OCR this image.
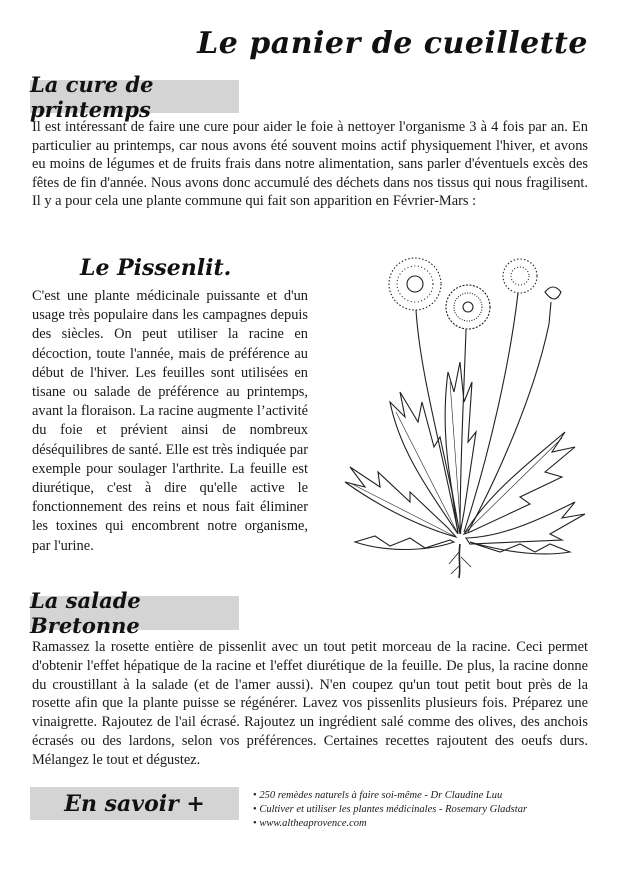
Le panier de cueillette
La cure de printemps

Il est intéressant de faire une cure pour aider le foie à nettoyer l'organisme 3 à 4 fois par an. En particulier au printemps, car nous avons été souvent moins actif physiquement l'hiver, et avons eu moins de légumes et de fruits frais dans notre alimentation, sans parler d'éventuels excès des fêtes de fin d'année. Nous avons donc accumulé des déchets dans nos tissus qui nous fragilisent. Il y a pour cela une plante commune qui fait son apparition en Février-Mars :

Le Pissenlit.

C'est une plante médicinale puissante et d'un usage très populaire dans les campagnes depuis des siècles. On peut utiliser la racine en décoction, toute l'année, mais de préférence au début de l'hiver. Les feuilles sont utilisées en tisane ou salade de préférence au printemps, avant la floraison. La racine augmente l’activité du foie et prévient ainsi de nombreux déséquilibres de santé. Elle est très indiquée par exemple pour soulager l'arthrite. La feuille est diurétique, c'est à dire qu'elle active le fonctionnement des reins et nous fait éliminer les toxines qui encombrent notre organisme, par l'urine.

La salade Bretonne

Ramassez la rosette entière de pissenlit avec un tout petit morceau de la racine. Ceci permet d'obtenir l'effet hépatique de la racine et l'effet diurétique de la feuille. De plus, la racine donne du croustillant à la salade (et de l'amer aussi). N'en coupez qu'un tout petit bout près de la rosette afin que la plante puisse se régénérer. Lavez vos pissenlits plusieurs fois. Préparez une vinaigrette. Rajoutez de l'ail écrasé. Rajoutez un ingrédient salé comme des olives, des anchois écrasés ou des lardons, selon vos préférences. Certaines recettes rajoutent des oeufs durs. Mélangez le tout et dégustez.

En savoir +
•	250 remèdes naturels à faire soi-même - Dr Claudine Luu
• Cultiver et utiliser les plantes médicinales - Rosemary Gladstar
• www.altheaprovence.com
